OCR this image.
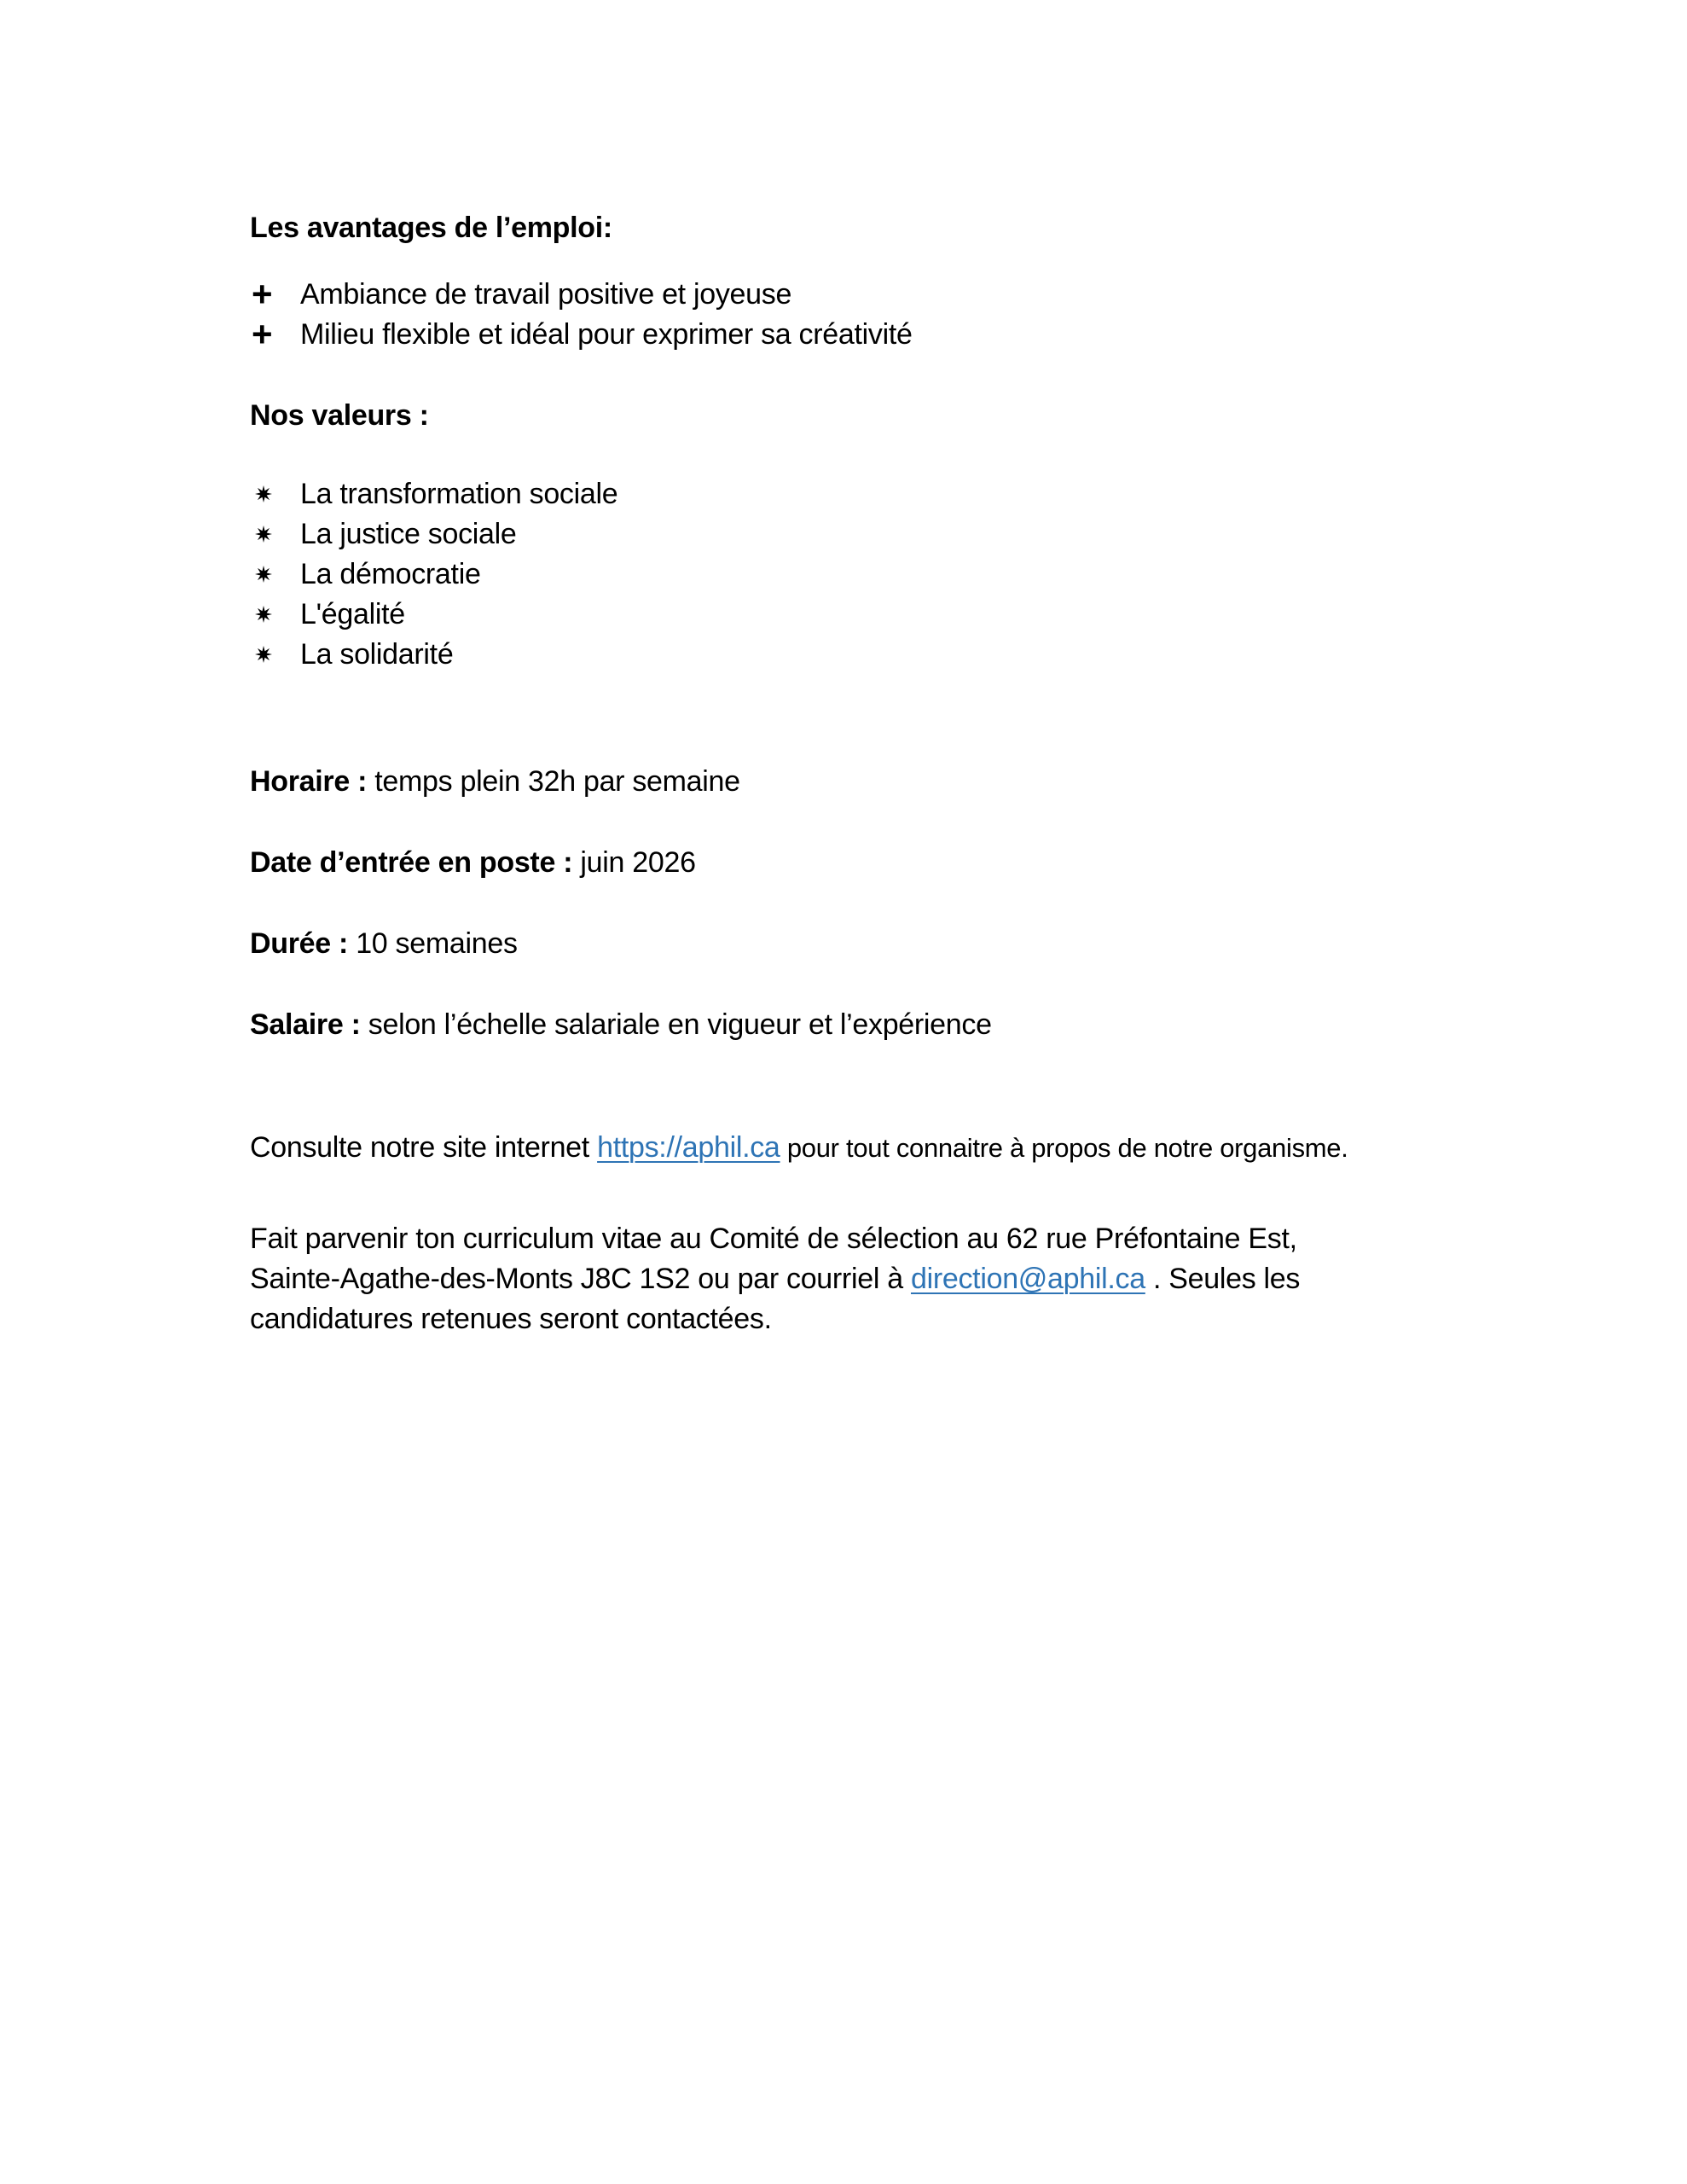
Les avantages de l’emploi:

+ Ambiance de travail positive et joyeuse
+ Milieu flexible et idéal pour exprimer sa créativité

Nos valeurs :

La transformation sociale
La justice sociale
La démocratie
L'égalité
La solidarité

Horaire : temps plein 32h par semaine

Date d’entrée en poste : juin 2026

Durée : 10 semaines

Salaire : selon l’échelle salariale en vigueur et l’expérience

Consulte notre site internet https://aphil.ca pour tout connaitre à propos de notre organisme.

Fait parvenir ton curriculum vitae au Comité de sélection au 62 rue Préfontaine Est,
Sainte-Agathe-des-Monts J8C 1S2 ou par courriel à direction@aphil.ca . Seules les
candidatures retenues seront contactées.
